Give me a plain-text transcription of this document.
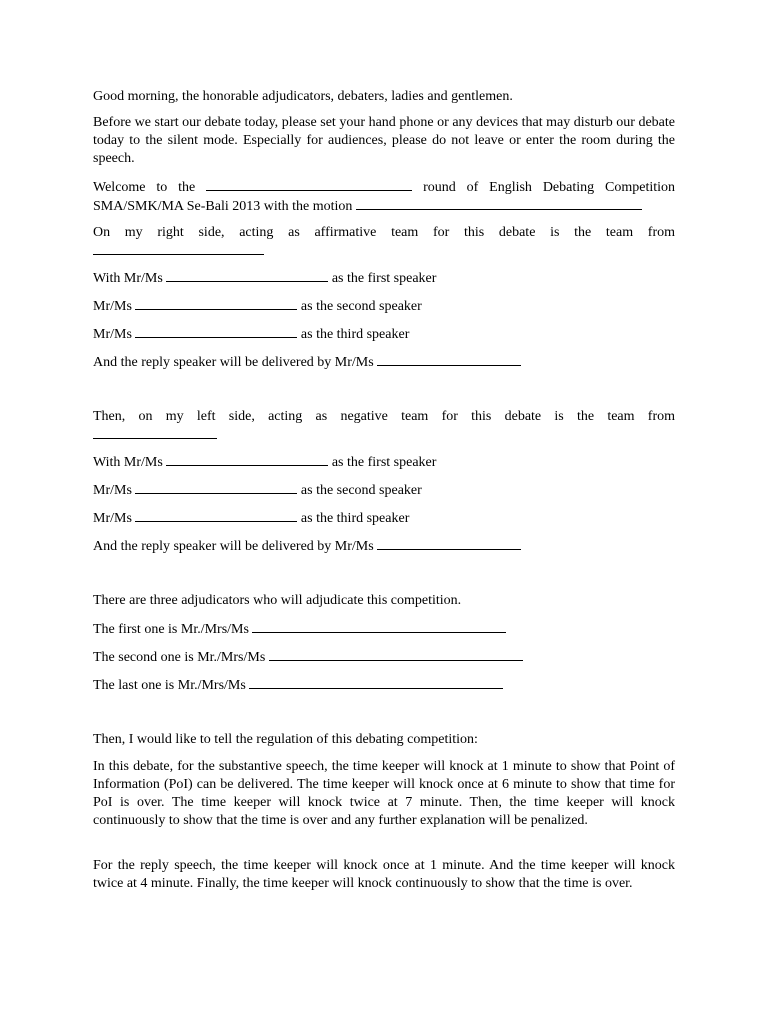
Good morning, the honorable adjudicators, debaters, ladies and gentlemen.

Before we start our debate today, please set your hand phone or any devices that may disturb our debate today to the silent mode. Especially for audiences, please do not leave or enter the room during the speech.

Welcome to the	round of English Debating Competition
SMA/SMK/MA Se-Bali 2013 with the motion
On my right side, acting as affirmative team for this debate is the team from
With Mr/Ms	as the first speaker
Mr/Ms	as the second speaker
Mr/Ms	as the third speaker
And the reply speaker will be delivered by Mr/Ms
Then, on my left side, acting as negative team for this debate is the team from
With Mr/Ms	as the first speaker
Mr/Ms	as the second speaker
Mr/Ms	as the third speaker
And the reply speaker will be delivered by Mr/Ms

There are three adjudicators who will adjudicate this competition.

The first one is Mr./Mrs/Ms
The second one is Mr./Mrs/Ms
The last one is Mr./Mrs/Ms

Then, I would like to tell the regulation of this debating competition:

In this debate, for the substantive speech, the time keeper will knock at 1 minute to show that Point of Information (PoI) can be delivered. The time keeper will knock once at 6 minute to show that time for PoI is over. The time keeper will knock twice at 7 minute. Then, the time keeper will knock continuously to show that the time is over and any further explanation will be penalized.

For the reply speech, the time keeper will knock once at 1 minute. And the time keeper will knock twice at 4 minute. Finally, the time keeper will knock continuously to show that the time is over.
